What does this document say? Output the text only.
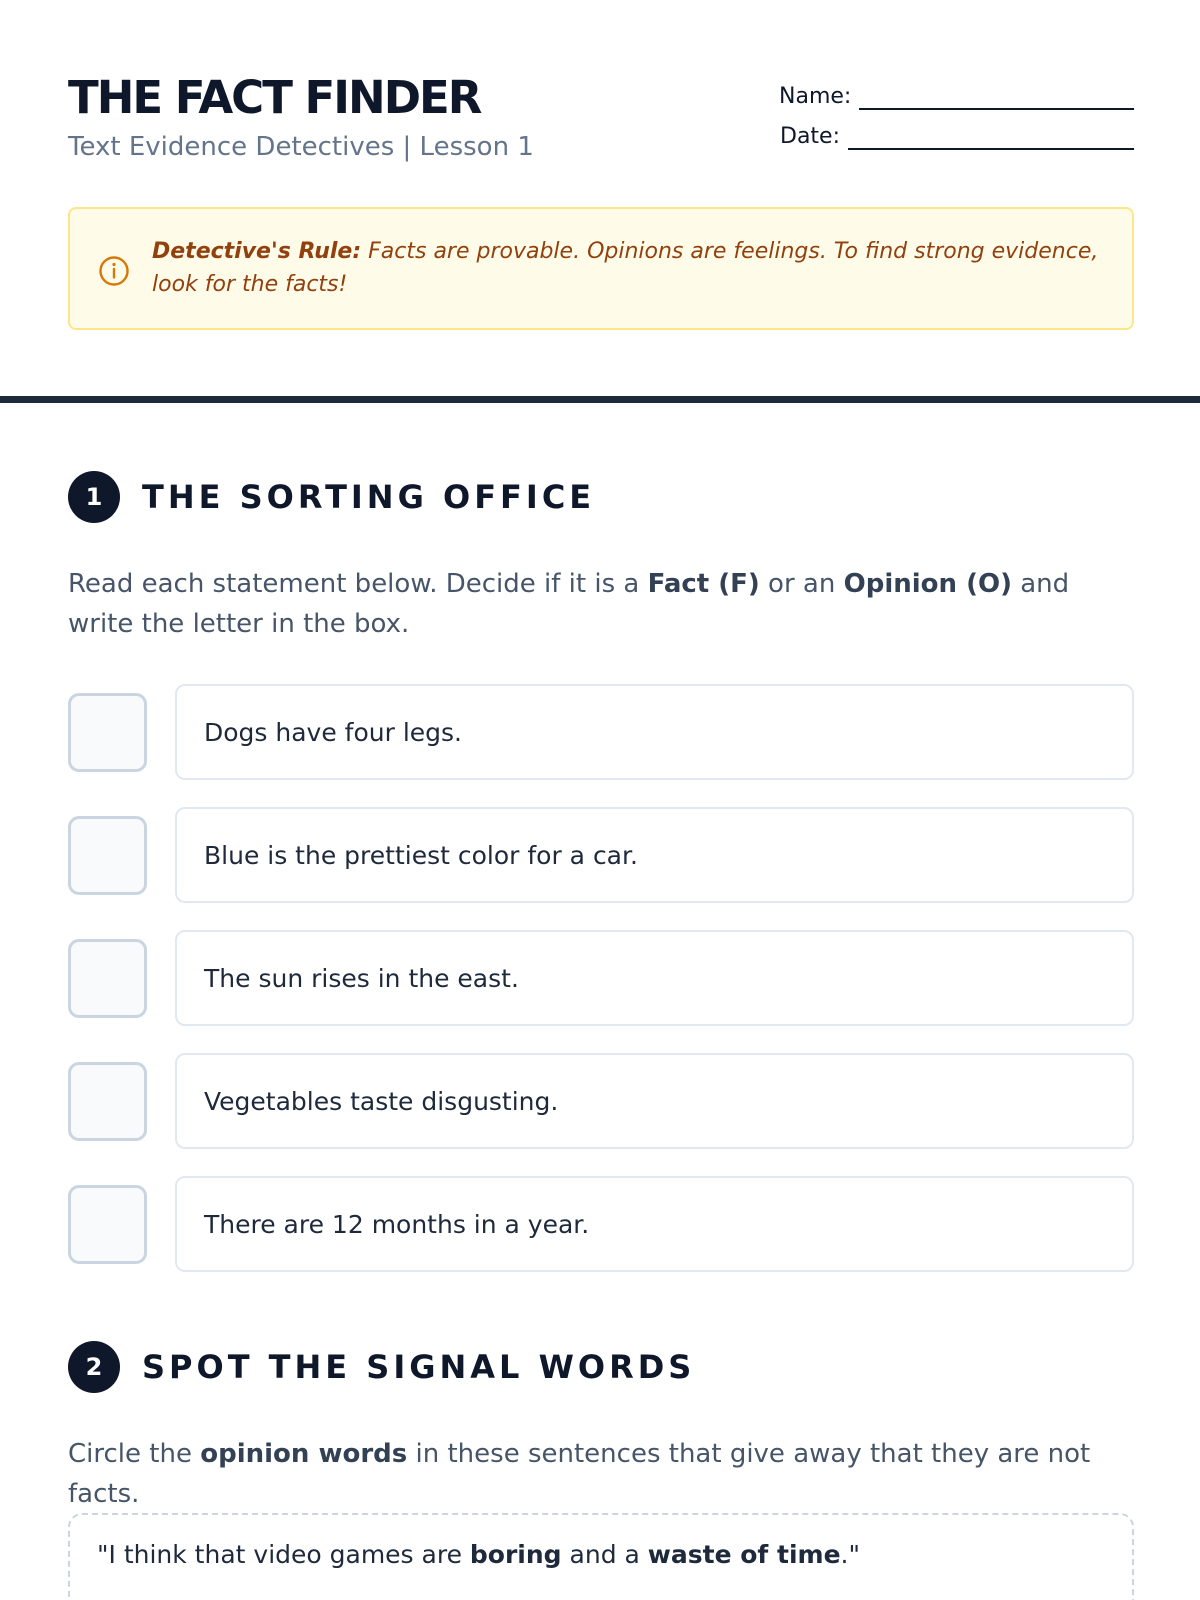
THE FACT FINDER
Text Evidence Detectives | Lesson 1
Name:
Date:
Detective's Rule: Facts are provable. Opinions are feelings. To find strong evidence, look for the facts!
1	THE SORTING OFFICE
Read each statement below. Decide if it is a Fact (F) or an Opinion (O) and write the letter in the box.
Dogs have four legs.
Blue is the prettiest color for a car.
The sun rises in the east.
Vegetables taste disgusting.
There are 12 months in a year.
2	SPOT THE SIGNAL WORDS
Circle the opinion words in these sentences that give away that they are not facts.
"I think that video games are boring and a waste of time."
